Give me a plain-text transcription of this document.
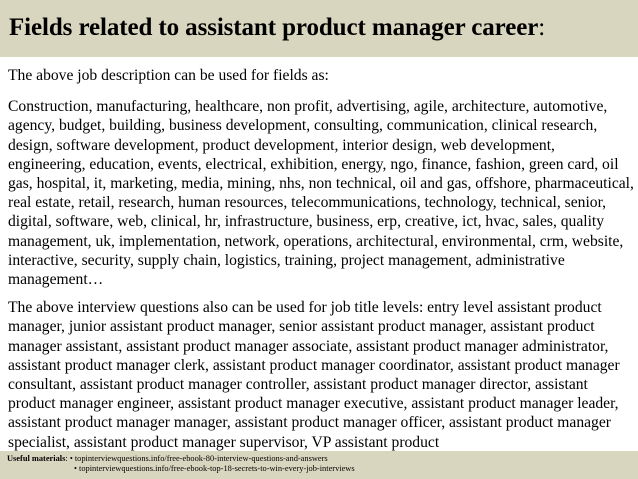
Fields related to assistant product manager career:

The above job description can be used for fields as:

Construction, manufacturing, healthcare, non profit, advertising, agile, architecture, automotive, agency, budget, building, business development, consulting, communication, clinical research, design, software development, product development, interior design, web development, engineering, education, events, electrical, exhibition, energy, ngo, finance, fashion, green card, oil gas, hospital, it, marketing, media, mining, nhs, non technical, oil and gas, offshore, pharmaceutical, real estate, retail, research, human resources, telecommunications, technology, technical, senior, digital, software, web, clinical, hr, infrastructure, business, erp, creative, ict, hvac, sales, quality management, uk, implementation, network, operations, architectural, environmental, crm, website, interactive, security, supply chain, logistics, training, project management, administrative management…

The above interview questions also can be used for job title levels: entry level assistant product manager, junior assistant product manager, senior assistant product manager, assistant product manager assistant, assistant product manager associate, assistant product manager administrator, assistant product manager clerk, assistant product manager coordinator, assistant product manager consultant, assistant product manager controller, assistant product manager director, assistant product manager engineer, assistant product manager executive, assistant product manager leader, assistant product manager manager, assistant product manager officer, assistant product manager specialist, assistant product manager supervisor, VP assistant product

Useful materials: • topinterviewquestions.info/free-ebook-80-interview-questions-and-answers
• topinterviewquestions.info/free-ebook-top-18-secrets-to-win-every-job-interviews
